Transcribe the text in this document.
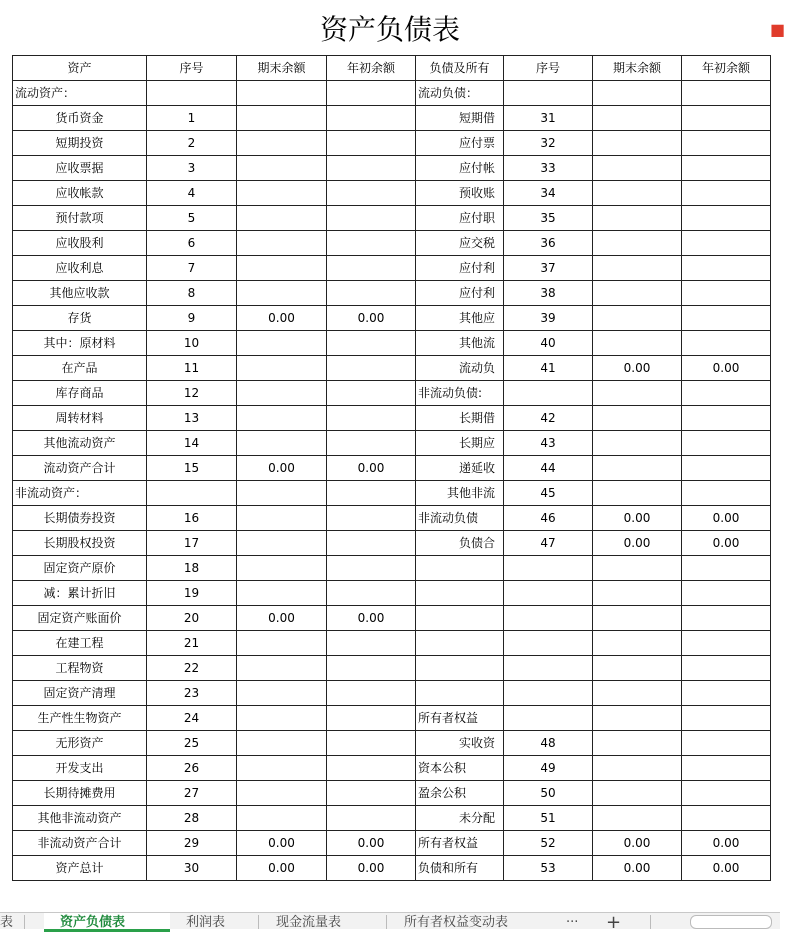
资产负债表	■
资产	序号	期末余额	年初余额	负债及所有	序号	期末余额	年初余额
流动资产：				流动负债：			
货币资金	1			短期借	31		
短期投资	2			应付票	32		
应收票据	3			应付帐	33		
应收帐款	4			预收账	34		
预付款项	5			应付职	35		
应收股利	6			应交税	36		
应收利息	7			应付利	37		
其他应收款	8			应付利	38		
存货	9	0.00	0.00	其他应	39		
其中：原材料	10			其他流	40		
在产品	11			流动负	41	0.00	0.00
库存商品	12			非流动负债:			
周转材料	13			长期借	42		
其他流动资产	14			长期应	43		
流动资产合计	15	0.00	0.00	递延收	44		
非流动资产：				其他非流	45		
长期债券投资	16			非流动负债	46	0.00	0.00
长期股权投资	17			负债合	47	0.00	0.00
固定资产原价	18						
减：累计折旧	19						
固定资产账面价	20	0.00	0.00				
在建工程	21						
工程物资	22						
固定资产清理	23						
生产性生物资产	24			所有者权益			
无形资产	25			实收资	48		
开发支出	26			资本公积	49		
长期待摊费用	27			盈余公积	50		
其他非流动资产	28			未分配	51		
非流动资产合计	29	0.00	0.00	所有者权益	52	0.00	0.00
资产总计	30	0.00	0.00	负债和所有	53	0.00	0.00
表	资产负债表	利润表	现金流量表	所有者权益变动表	···	+
